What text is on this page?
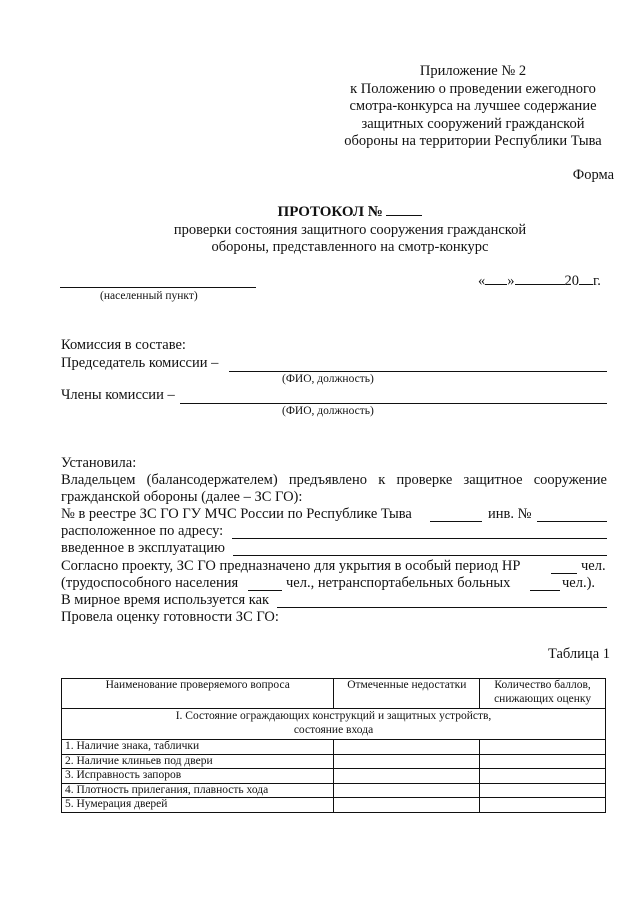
Приложение № 2
к Положению о проведении ежегодного
смотра-конкурса на лучшее содержание
защитных сооружений гражданской
обороны на территории Республики Тыва
Форма
ПРОТОКОЛ №
проверки состояния защитного сооружения гражданской
обороны, представленного на смотр-конкурс
(населенный пункт)
« »	20 г.
Комиссия в составе:
Председатель комиссии –
(ФИО, должность)
Члены комиссии –
(ФИО, должность)
Установила:
Владельцем (балансодержателем) предъявлено к проверке защитное сооружение
гражданской обороны (далее – ЗС ГО):
№ в реестре ЗС ГО ГУ МЧС России по Республике Тыва	инв. №
расположенное по адресу:
введенное в эксплуатацию
Согласно проекту, ЗС ГО предназначено для укрытия в особый период НР	чел.
(трудоспособного населения	чел., нетранспортабельных больных	чел.).
В мирное время используется как
Провела оценку готовности ЗС ГО:
Таблица 1
Наименование проверяемого вопроса	Отмеченные недостатки	Количество баллов, снижающих оценку
I. Состояние ограждающих конструкций и защитных устройств, состояние входа		
1. Наличие знака, таблички		
2. Наличие клиньев под двери		
3. Исправность запоров		
4. Плотность прилегания, плавность хода		
5. Нумерация дверей		
